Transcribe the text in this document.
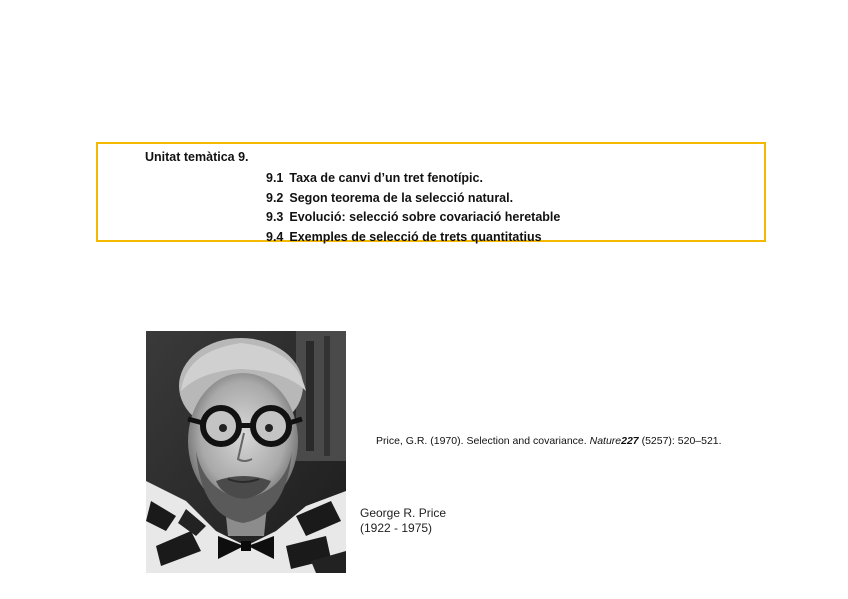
Unitat temàtica 9.
9.1 Taxa de canvi d’un tret fenotípic.
9.2 Segon teorema de la selecció natural.
9.3 Evolució: selecció sobre covariació heretable
9.4 Exemples de selecció de trets quantitatius
Price, G.R. (1970). Selection and covariance. Nature227 (5257): 520–521.
George R. Price
(1922 - 1975)
